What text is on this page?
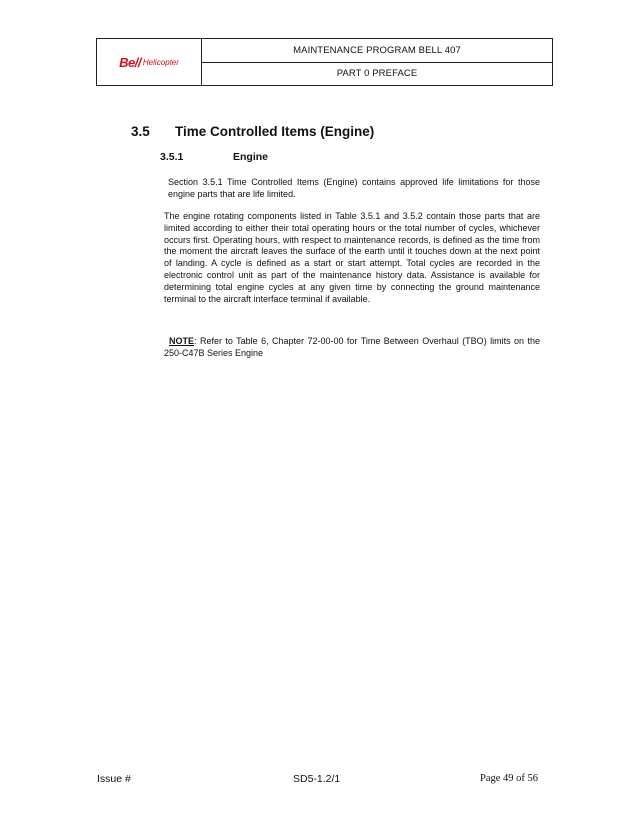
Be// Helicopter
MAINTENANCE PROGRAM BELL 407
PART 0 PREFACE
3.5 Time Controlled Items (Engine)
3.5.1	Engine
Section 3.5.1 Time Controlled Items (Engine) contains approved life limitations for those engine parts that are life limited.
The engine rotating components listed in Table 3.5.1 and 3.5.2 contain those parts that are limited according to either their total operating hours or the total number of cycles, whichever occurs first. Operating hours, with respect to maintenance records, is defined as the time from the moment the aircraft leaves the surface of the earth until it touches down at the next point of landing. A cycle is defined as a start or start attempt. Total cycles are recorded in the electronic control unit as part of the maintenance history data. Assistance is available for determining total engine cycles at any given time by connecting the ground maintenance terminal to the aircraft interface terminal if available.
NOTE: Refer to Table 6, Chapter 72-00-00 for Time Between Overhaul (TBO) limits on the 250-C47B Series Engine
Issue #	SD5-1.2/1	Page 49 of 56
